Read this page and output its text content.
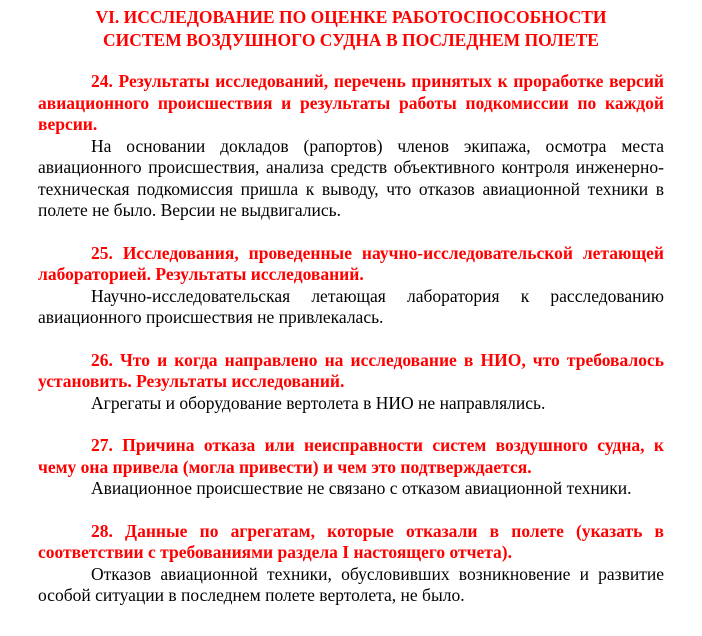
VI. ИССЛЕДОВАНИЕ ПО ОЦЕНКЕ РАБОТОСПОСОБНОСТИ
СИСТЕМ ВОЗДУШНОГО СУДНА В ПОСЛЕДНЕМ ПОЛЕТЕ

24. Результаты исследований, перечень принятых к проработке версий авиационного происшествия и результаты работы подкомиссии по каждой версии.

На основании докладов (рапортов) членов экипажа, осмотра места авиационного происшествия, анализа средств объективного контроля инженерно-техническая подкомиссия пришла к выводу, что отказов авиационной техники в полете не было. Версии не выдвигались.

25. Исследования, проведенные научно-исследовательской летающей лабораторией. Результаты исследований.

Научно-исследовательская летающая лаборатория к расследованию авиационного происшествия не привлекалась.

26. Что и когда направлено на исследование в НИО, что требовалось установить. Результаты исследований.

Агрегаты и оборудование вертолета в НИО не направлялись.

27. Причина отказа или неисправности систем воздушного судна, к чему она привела (могла привести) и чем это подтверждается.

Авиационное происшествие не связано с отказом авиационной техники.

28. Данные по агрегатам, которые отказали в полете (указать в соответствии с требованиями раздела I настоящего отчета).

Отказов авиационной техники, обусловивших возникновение и развитие особой ситуации в последнем полете вертолета, не было.
